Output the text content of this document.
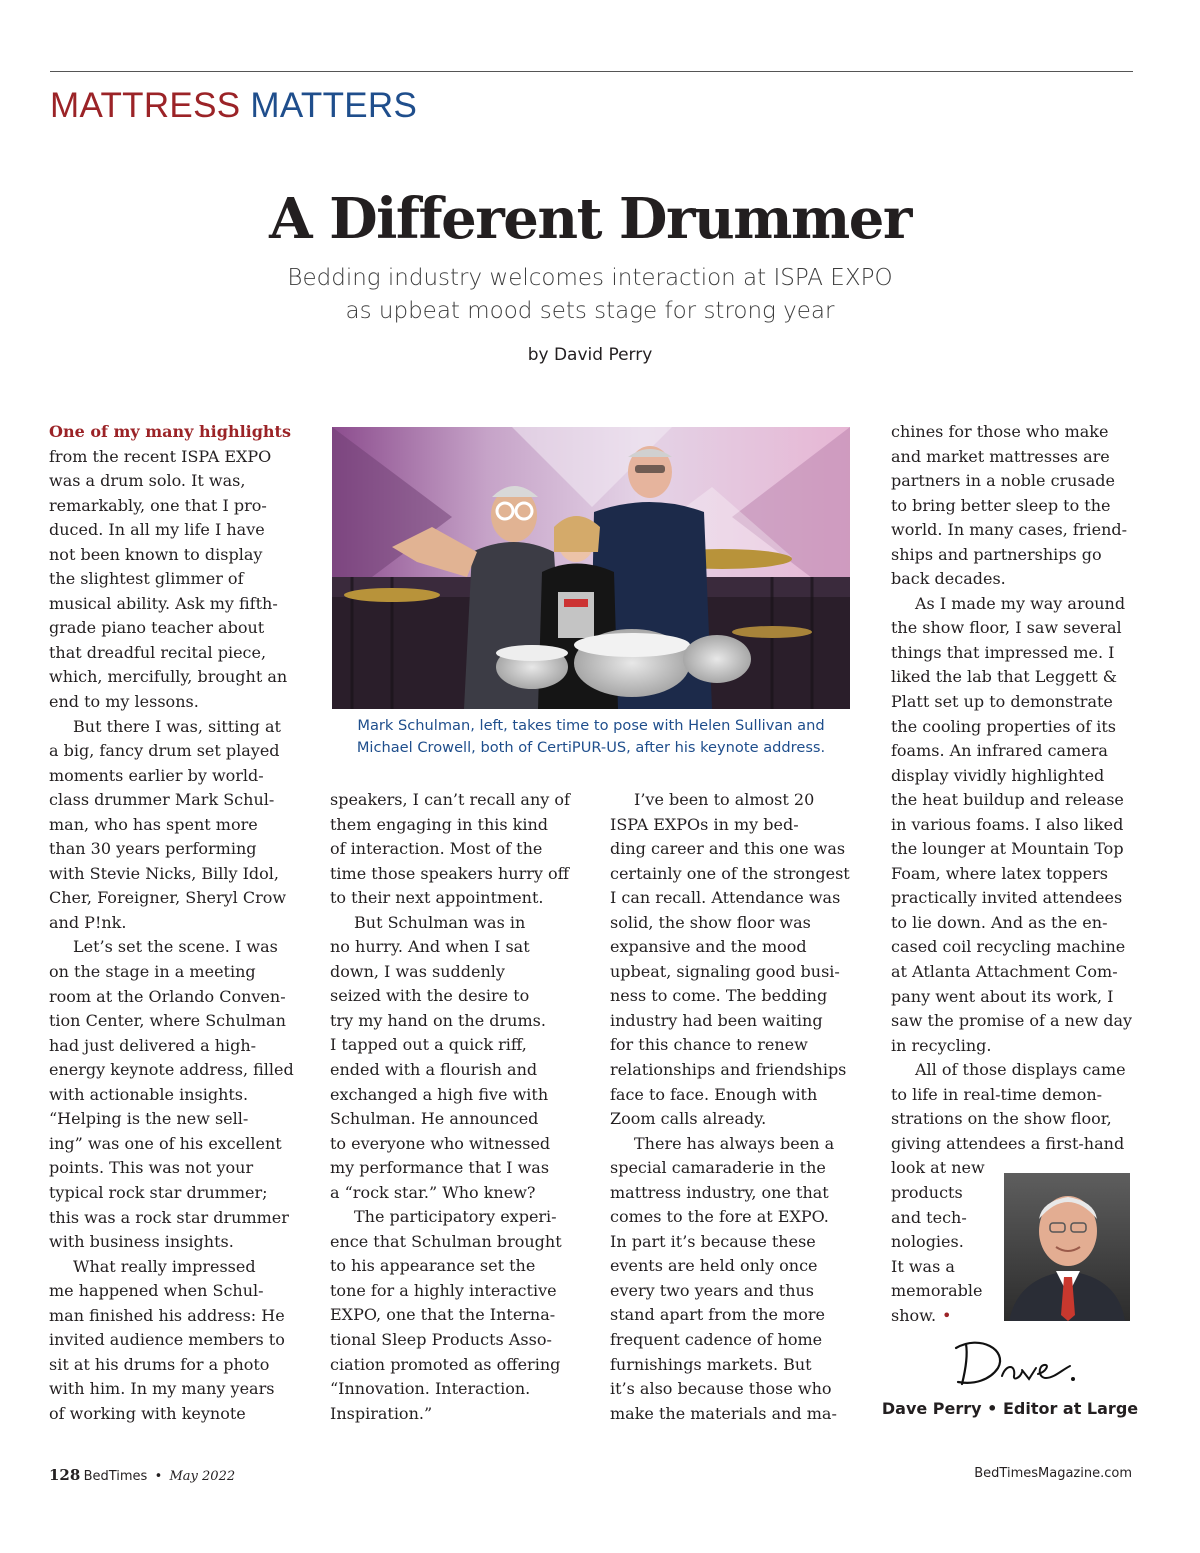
MATTRESS MATTERS
A Different Drummer
Bedding industry welcomes interaction at ISPA EXPO
as upbeat mood sets stage for strong year
by David Perry
One of my many highlights
from the recent ISPA EXPO
was a drum solo. It was,
remarkably, one that I pro-
duced. In all my life I have
not been known to display
the slightest glimmer of
musical ability. Ask my fifth-
grade piano teacher about
that dreadful recital piece,
which, mercifully, brought an
end to my lessons.
But there I was, sitting at
a big, fancy drum set played
moments earlier by world-
class drummer Mark Schul-
man, who has spent more
than 30 years performing
with Stevie Nicks, Billy Idol,
Cher, Foreigner, Sheryl Crow
and P!nk.
Let’s set the scene. I was
on the stage in a meeting
room at the Orlando Conven-
tion Center, where Schulman
had just delivered a high-
energy keynote address, filled
with actionable insights.
“Helping is the new sell-
ing” was one of his excellent
points. This was not your
typical rock star drummer;
this was a rock star drummer
with business insights.
What really impressed
me happened when Schul-
man finished his address: He
invited audience members to
sit at his drums for a photo
with him. In my many years
of working with keynote
speakers, I can’t recall any of
them engaging in this kind
of interaction. Most of the
time those speakers hurry off
to their next appointment.
But Schulman was in
no hurry. And when I sat
down, I was suddenly
seized with the desire to
try my hand on the drums.
I tapped out a quick riff,
ended with a flourish and
exchanged a high five with
Schulman. He announced
to everyone who witnessed
my performance that I was
a “rock star.” Who knew?
The participatory experi-
ence that Schulman brought
to his appearance set the
tone for a highly interactive
EXPO, one that the Interna-
tional Sleep Products Asso-
ciation promoted as offering
“Innovation. Interaction.
Inspiration.”
I’ve been to almost 20
ISPA EXPOs in my bed-
ding career and this one was
certainly one of the strongest
I can recall. Attendance was
solid, the show floor was
expansive and the mood
upbeat, signaling good busi-
ness to come. The bedding
industry had been waiting
for this chance to renew
relationships and friendships
face to face. Enough with
Zoom calls already.
There has always been a
special camaraderie in the
mattress industry, one that
comes to the fore at EXPO.
In part it’s because these
events are held only once
every two years and thus
stand apart from the more
frequent cadence of home
furnishings markets. But
it’s also because those who
make the materials and ma-
chines for those who make
and market mattresses are
partners in a noble crusade
to bring better sleep to the
world. In many cases, friend-
ships and partnerships go
back decades.
As I made my way around
the show floor, I saw several
things that impressed me. I
liked the lab that Leggett &
Platt set up to demonstrate
the cooling properties of its
foams. An infrared camera
display vividly highlighted
the heat buildup and release
in various foams. I also liked
the lounger at Mountain Top
Foam, where latex toppers
practically invited attendees
to lie down. And as the en-
cased coil recycling machine
at Atlanta Attachment Com-
pany went about its work, I
saw the promise of a new day
in recycling.
All of those displays came
to life in real-time demon-
strations on the show floor,
giving attendees a first-hand
look at new
products
and tech-
nologies.
It was a
memorable
show. •
Mark Schulman, left, takes time to pose with Helen Sullivan and
Michael Crowell, both of CertiPUR-US, after his keynote address.
Dave Perry • Editor at Large
128 BedTimes • May 2022	BedTimesMagazine.com
